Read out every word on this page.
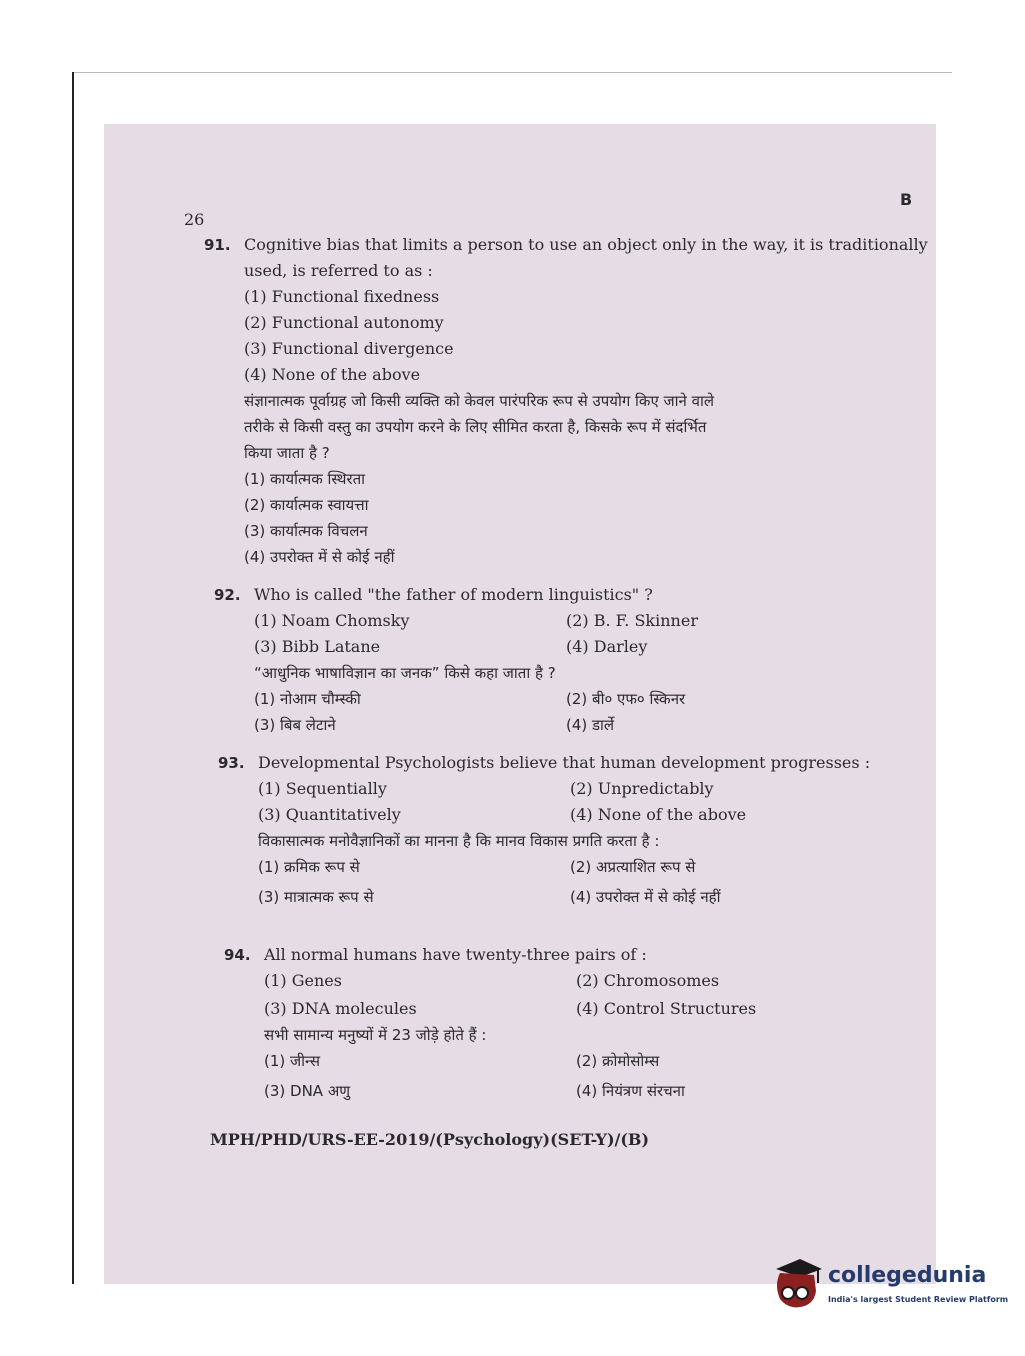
26
B
91. Cognitive bias that limits a person to use an object only in the way, it is traditionally
used, is referred to as :
(1) Functional fixedness
(2) Functional autonomy
(3) Functional divergence
(4) None of the above
संज्ञानात्मक पूर्वाग्रह जो किसी व्यक्ति को केवल पारंपरिक रूप से उपयोग किए जाने वाले
तरीके से किसी वस्तु का उपयोग करने के लिए सीमित करता है, किसके रूप में संदर्भित
किया जाता है ?
(1) कार्यात्मक स्थिरता
(2) कार्यात्मक स्वायत्ता
(3) कार्यात्मक विचलन
(4) उपरोक्त में से कोई नहीं
92. Who is called "the father of modern linguistics" ?
(1) Noam Chomsky	(2) B. F. Skinner
(3) Bibb Latane	(4) Darley
“आधुनिक भाषाविज्ञान का जनक” किसे कहा जाता है ?
(1) नोआम चौम्स्की	(2) बी० एफ० स्किनर
(3) बिब लेटाने	(4) डार्ले
93. Developmental Psychologists believe that human development progresses :
(1) Sequentially	(2) Unpredictably
(3) Quantitatively	(4) None of the above
विकासात्मक मनोवैज्ञानिकों का मानना है कि मानव विकास प्रगति करता है :
(1) क्रमिक रूप से	(2) अप्रत्याशित रूप से
(3) मात्रात्मक रूप से	(4) उपरोक्त में से कोई नहीं
94. All normal humans have twenty-three pairs of :
(1) Genes	(2) Chromosomes
(3) DNA molecules	(4) Control Structures
सभी सामान्य मनुष्यों में 23 जोड़े होते हैं :
(1) जीन्स	(2) क्रोमोसोम्स
(3) DNA अणु	(4) नियंत्रण संरचना
MPH/PHD/URS-EE-2019/(Psychology)(SET-Y)/(B)
collegedunia
India's largest Student Review Platform
